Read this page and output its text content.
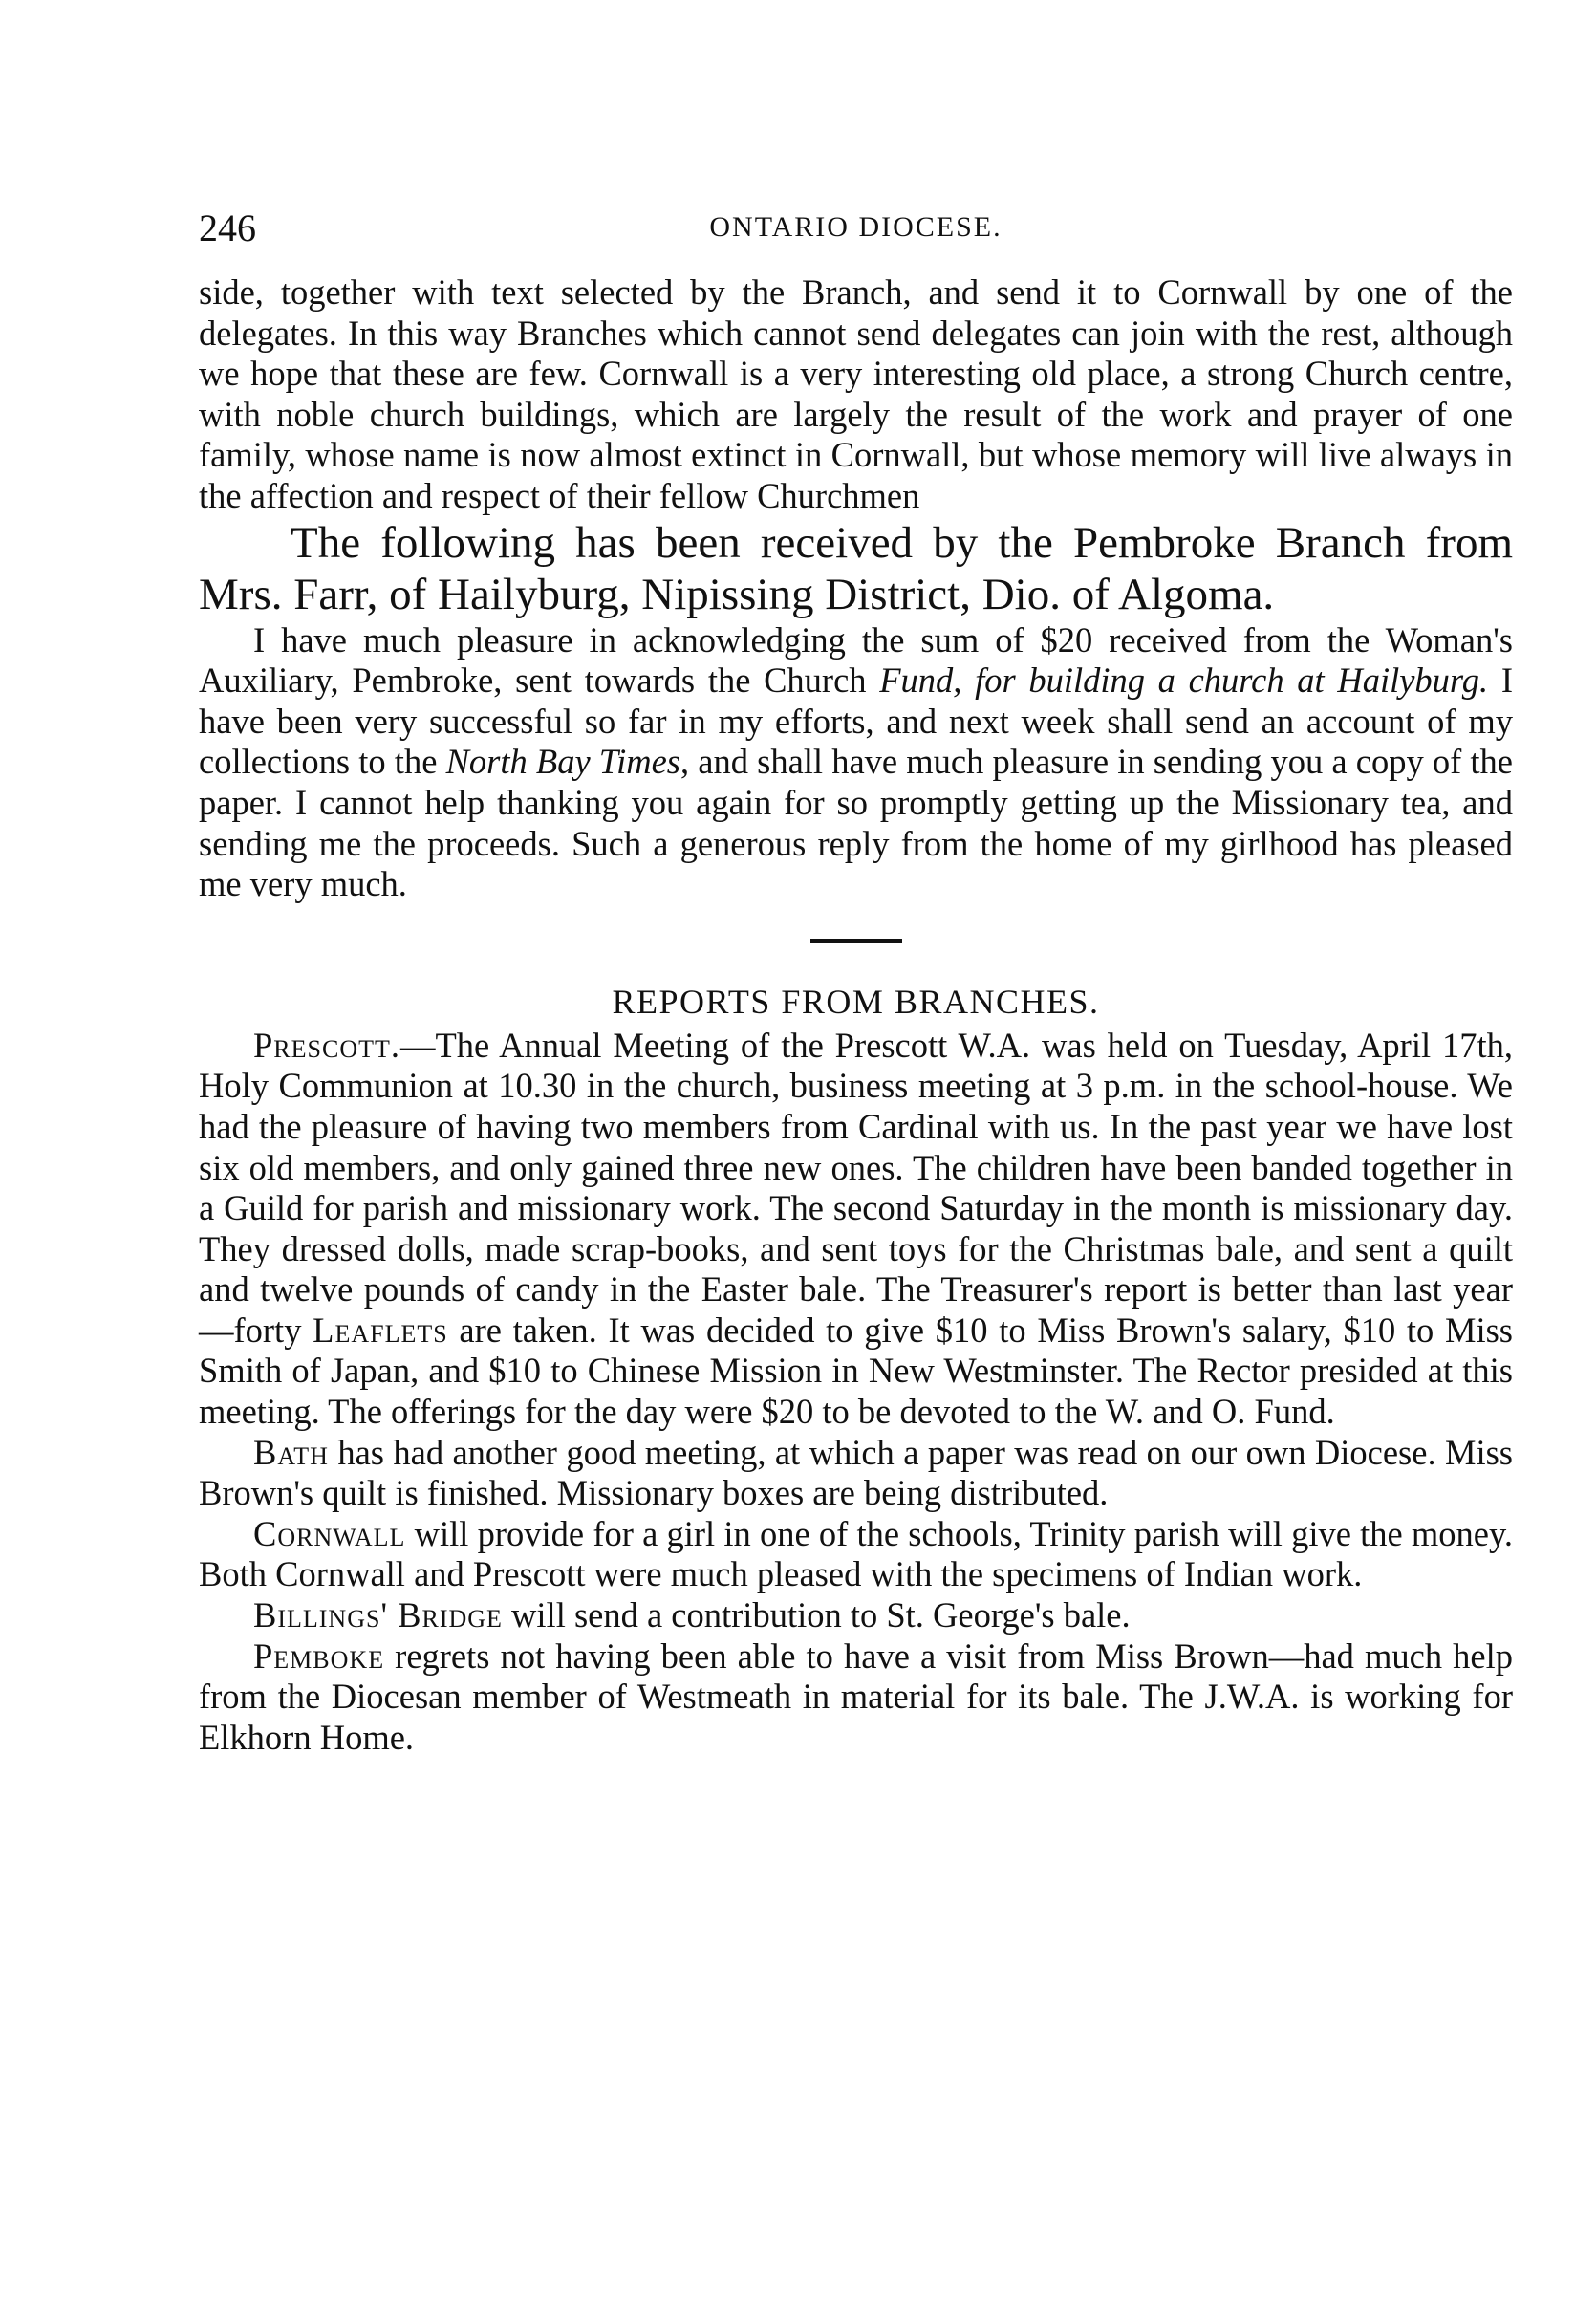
246	ONTARIO DIOCESE.

side, together with text selected by the Branch, and send it to Cornwall by one of the delegates. In this way Branches which cannot send delegates can join with the rest, although we hope that these are few. Cornwall is a very interesting old place, a strong Church centre, with noble church buildings, which are largely the result of the work and prayer of one family, whose name is now almost extinct in Cornwall, but whose memory will live always in the affection and respect of their fellow Churchmen

The following has been received by the Pembroke Branch from Mrs. Farr, of Hailyburg, Nipissing District, Dio. of Algoma.

I have much pleasure in acknowledging the sum of $20 received from the Woman's Auxiliary, Pembroke, sent towards the Church Fund, for building a church at Hailyburg. I have been very successful so far in my efforts, and next week shall send an account of my collections to the North Bay Times, and shall have much pleasure in sending you a copy of the paper. I cannot help thanking you again for so promptly getting up the Missionary tea, and sending me the proceeds. Such a generous reply from the home of my girlhood has pleased me very much.

REPORTS FROM BRANCHES.

Prescott.—The Annual Meeting of the Prescott W.A. was held on Tuesday, April 17th, Holy Communion at 10.30 in the church, business meeting at 3 p.m. in the school-house. We had the pleasure of having two members from Cardinal with us. In the past year we have lost six old members, and only gained three new ones. The children have been banded together in a Guild for parish and missionary work. The second Saturday in the month is missionary day. They dressed dolls, made scrap-books, and sent toys for the Christmas bale, and sent a quilt and twelve pounds of candy in the Easter bale. The Treasurer's report is better than last year—forty Leaflets are taken. It was decided to give $10 to Miss Brown's salary, $10 to Miss Smith of Japan, and $10 to Chinese Mission in New Westminster. The Rector presided at this meeting. The offerings for the day were $20 to be devoted to the W. and O. Fund.

Bath has had another good meeting, at which a paper was read on our own Diocese. Miss Brown's quilt is finished. Missionary boxes are being distributed.

Cornwall will provide for a girl in one of the schools, Trinity parish will give the money. Both Cornwall and Prescott were much pleased with the specimens of Indian work.

Billings' Bridge will send a contribution to St. George's bale.

Pemboke regrets not having been able to have a visit from Miss Brown—had much help from the Diocesan member of Westmeath in material for its bale. The J.W.A. is working for Elkhorn Home.
